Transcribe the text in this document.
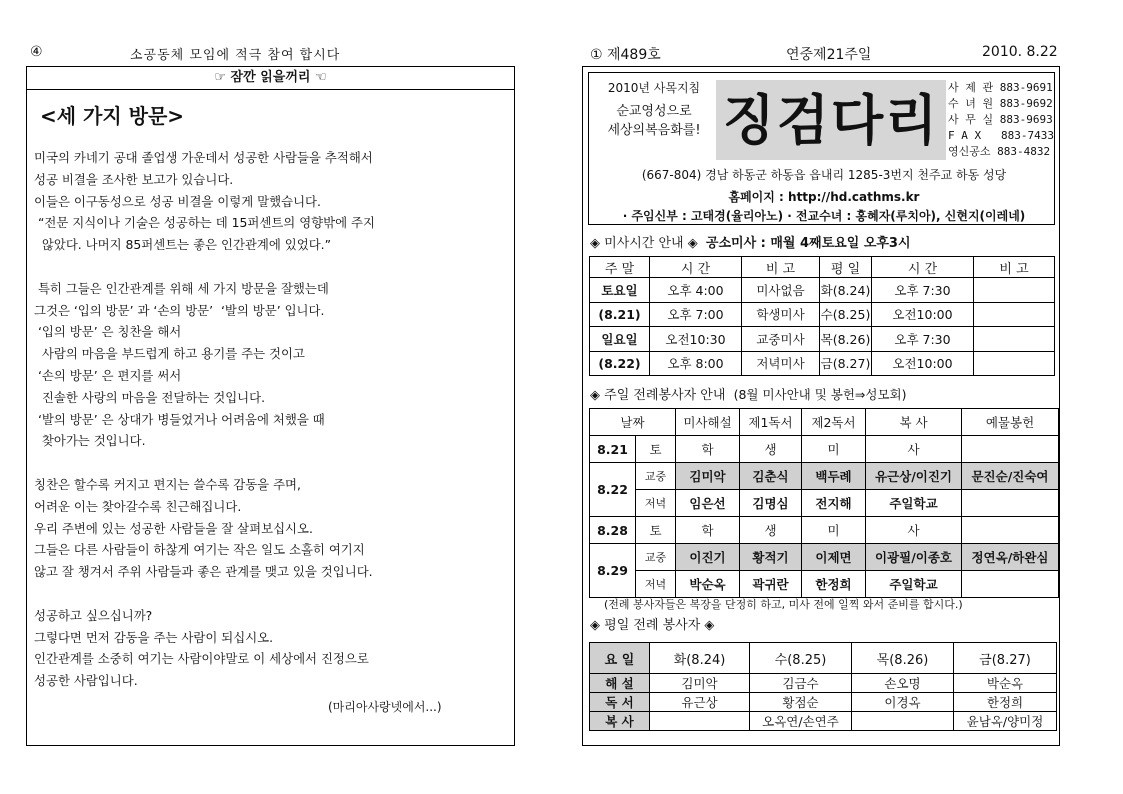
④	소공동체 모임에 적극 참여 합시다
☞ 잠깐 읽을꺼리 ☜
<세 가지 방문>
미국의 카네기 공대 졸업생 가운데서 성공한 사람들을 추적해서
성공 비결을 조사한 보고가 있습니다.
이들은 이구동성으로 성공 비결을 이렇게 말했습니다.
“전문 지식이나 기술은 성공하는 데 15퍼센트의 영향밖에 주지
않았다. 나머지 85퍼센트는 좋은 인간관계에 있었다.”
특히 그들은 인간관계를 위해 세 가지 방문을 잘했는데
그것은 ‘입의 방문’ 과 ‘손의 방문’  ‘발의 방문’ 입니다.
‘입의 방문’ 은 칭찬을 해서
사람의 마음을 부드럽게 하고 용기를 주는 것이고
‘손의 방문’ 은 편지를 써서
진솔한 사랑의 마음을 전달하는 것입니다.
‘발의 방문’ 은 상대가 병들었거나 어려움에 처했을 때
찾아가는 것입니다.
칭찬은 할수록 커지고 편지는 쓸수록 감동을 주며,
어려운 이는 찾아갈수록 친근해집니다.
우리 주변에 있는 성공한 사람들을 잘 살펴보십시오.
그들은 다른 사람들이 하찮게 여기는 작은 일도 소홀히 여기지
않고 잘 챙겨서 주위 사람들과 좋은 관계를 맺고 있을 것입니다.
성공하고 싶으십니까?
그렇다면 먼저 감동을 주는 사람이 되십시오.
인간관계를 소중히 여기는 사람이야말로 이 세상에서 진정으로
성공한 사람입니다.
(마리아사랑넷에서...)
① 제489호	연중제21주일	2010. 8.22
2010년 사목지침
순교영성으로
세상의복음화를! 징검다리
사 제 관 883-9691
수 녀 원 883-9692
사 무 실 883-9693
F A X   883-7433
영신공소 883-4832
(667-804) 경남 하동군 하동읍 읍내리 1285-3번지 천주교 하동 성당
홈페이지 : http://hd.cathms.kr
· 주임신부 : 고태경(율리아노) · 전교수녀 : 홍혜자(루치아), 신현지(이레네)
◈ 미사시간 안내 ◈ 공소미사 : 매월 4째토요일 오후3시
주 말	시 간	비 고	평 일	시 간	비 고
토요일	오후 4:00	미사없음	화(8.24)	오후 7:30	
(8.21)	오후 7:00	학생미사	수(8.25)	오전10:00	
일요일	오전10:30	교중미사	목(8.26)	오후 7:30	
(8.22)	오후 8:00	저녁미사	금(8.27)	오전10:00	
◈ 주일 전례봉사자 안내 (8월 미사안내 및 봉헌⇒성모회)
날짜		미사해설	제1독서	제2독서	복 사	예물봉헌
8.21	토	학	생	미	사	
8.22	교중	김미악	김춘식	백두례	유근상/이진기	문진순/진숙여
	저녁	임은선	김명심	전지해	주일학교	
8.28	토	학	생	미	사	
8.29	교중	이진기	황적기	이제면	이광필/이종호	정연옥/하완심
	저녁	박순옥	곽귀란	한정희	주일학교	
(전례 봉사자들은 복장을 단정히 하고, 미사 전에 일찍 와서 준비를 합시다.)
◈ 평일 전례 봉사자 ◈
요 일	화(8.24)	수(8.25)	목(8.26)	금(8.27)
해 설	김미악	김금수	손오명	박순옥
독 서	유근상	황점순	이경옥	한정희
복 사		오옥연/손연주		윤남옥/양미정
